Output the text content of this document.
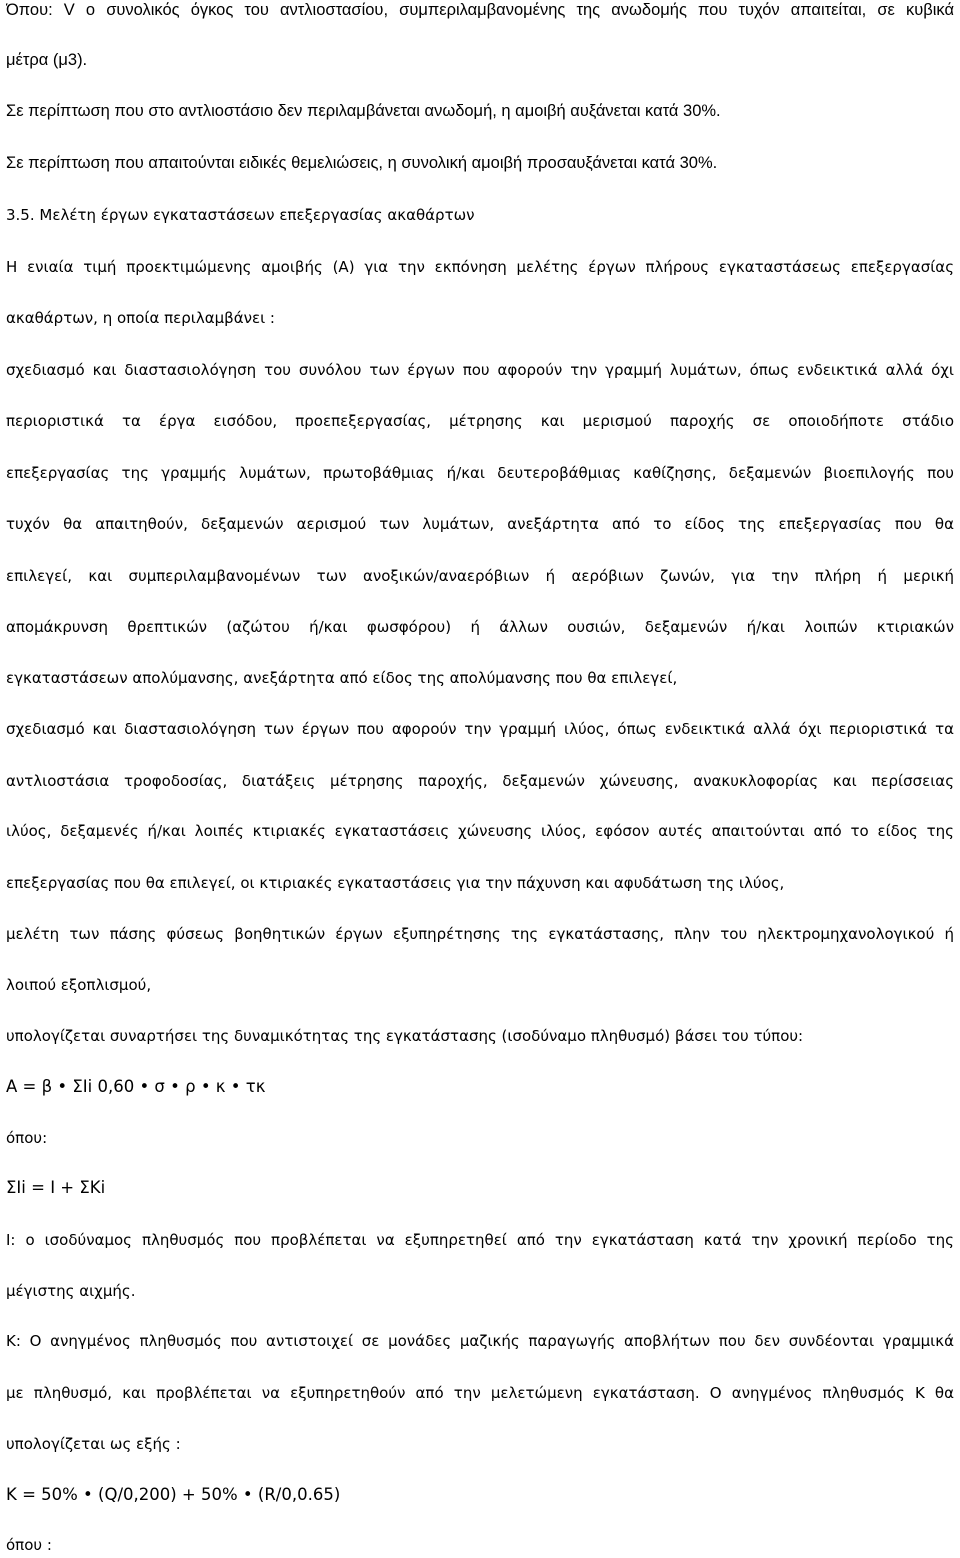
Όπου: V ο συνολικός όγκος του αντλιοστασίου, συμπεριλαμβανομένης της ανωδομής που τυχόν απαιτείται, σε κυβικά
μέτρα (μ3).
Σε περίπτωση που στο αντλιοστάσιο δεν περιλαμβάνεται ανωδομή, η αμοιβή αυξάνεται κατά 30%.
Σε περίπτωση που απαιτούνται ειδικές θεμελιώσεις, η συνολική αμοιβή προσαυξάνεται κατά 30%.
3.5. Μελέτη έργων εγκαταστάσεων επεξεργασίας ακαθάρτων
Η ενιαία τιμή προεκτιμώμενης αμοιβής (Α) για την εκπόνηση μελέτης έργων πλήρους εγκαταστάσεως επεξεργασίας
ακαθάρτων, η οποία περιλαμβάνει :
σχεδιασμό και διαστασιολόγηση του συνόλου των έργων που αφορούν την γραμμή λυμάτων, όπως ενδεικτικά αλλά όχι
περιοριστικά τα έργα εισόδου, προεπεξεργασίας, μέτρησης και μερισμού παροχής σε οποιοδήποτε στάδιο
επεξεργασίας της γραμμής λυμάτων, πρωτοβάθμιας ή/και δευτεροβάθμιας καθίζησης, δεξαμενών βιοεπιλογής που
τυχόν θα απαιτηθούν, δεξαμενών αερισμού των λυμάτων, ανεξάρτητα από το είδος της επεξεργασίας που θα
επιλεγεί, και συμπεριλαμβανομένων των ανοξικών/αναερόβιων ή αερόβιων ζωνών, για την πλήρη ή μερική
απομάκρυνση θρεπτικών (αζώτου ή/και φωσφόρου) ή άλλων ουσιών, δεξαμενών ή/και λοιπών κτιριακών
εγκαταστάσεων απολύμανσης, ανεξάρτητα από είδος της απολύμανσης που θα επιλεγεί,
σχεδιασμό και διαστασιολόγηση των έργων που αφορούν την γραμμή ιλύος, όπως ενδεικτικά αλλά όχι περιοριστικά τα
αντλιοστάσια τροφοδοσίας, διατάξεις μέτρησης παροχής, δεξαμενών χώνευσης, ανακυκλοφορίας και περίσσειας
ιλύος, δεξαμενές ή/και λοιπές κτιριακές εγκαταστάσεις χώνευσης ιλύος, εφόσον αυτές απαιτούνται από το είδος της
επεξεργασίας που θα επιλεγεί, οι κτιριακές εγκαταστάσεις για την πάχυνση και αφυδάτωση της ιλύος,
μελέτη των πάσης φύσεως βοηθητικών έργων εξυπηρέτησης της εγκατάστασης, πλην του ηλεκτρομηχανολογικού ή
λοιπού εξοπλισμού,
υπολογίζεται συναρτήσει της δυναμικότητας της εγκατάστασης (ισοδύναμο πληθυσμό) βάσει του τύπου:
Α = β • ΣΙi 0,60 • σ • ρ • κ • τκ
όπου:
ΣΙi = Ι + ΣΚi
Ι: ο ισοδύναμος πληθυσμός που προβλέπεται να εξυπηρετηθεί από την εγκατάσταση κατά την χρονική περίοδο της
μέγιστης αιχμής.
Κ: Ο ανηγμένος πληθυσμός που αντιστοιχεί σε μονάδες μαζικής παραγωγής αποβλήτων που δεν συνδέονται γραμμικά
με πληθυσμό, και προβλέπεται να εξυπηρετηθούν από την μελετώμενη εγκατάσταση. Ο ανηγμένος πληθυσμός Κ θα
υπολογίζεται ως εξής :
Κ = 50% • (Q/0,200) + 50% • (R/0,0.65)
όπου :
